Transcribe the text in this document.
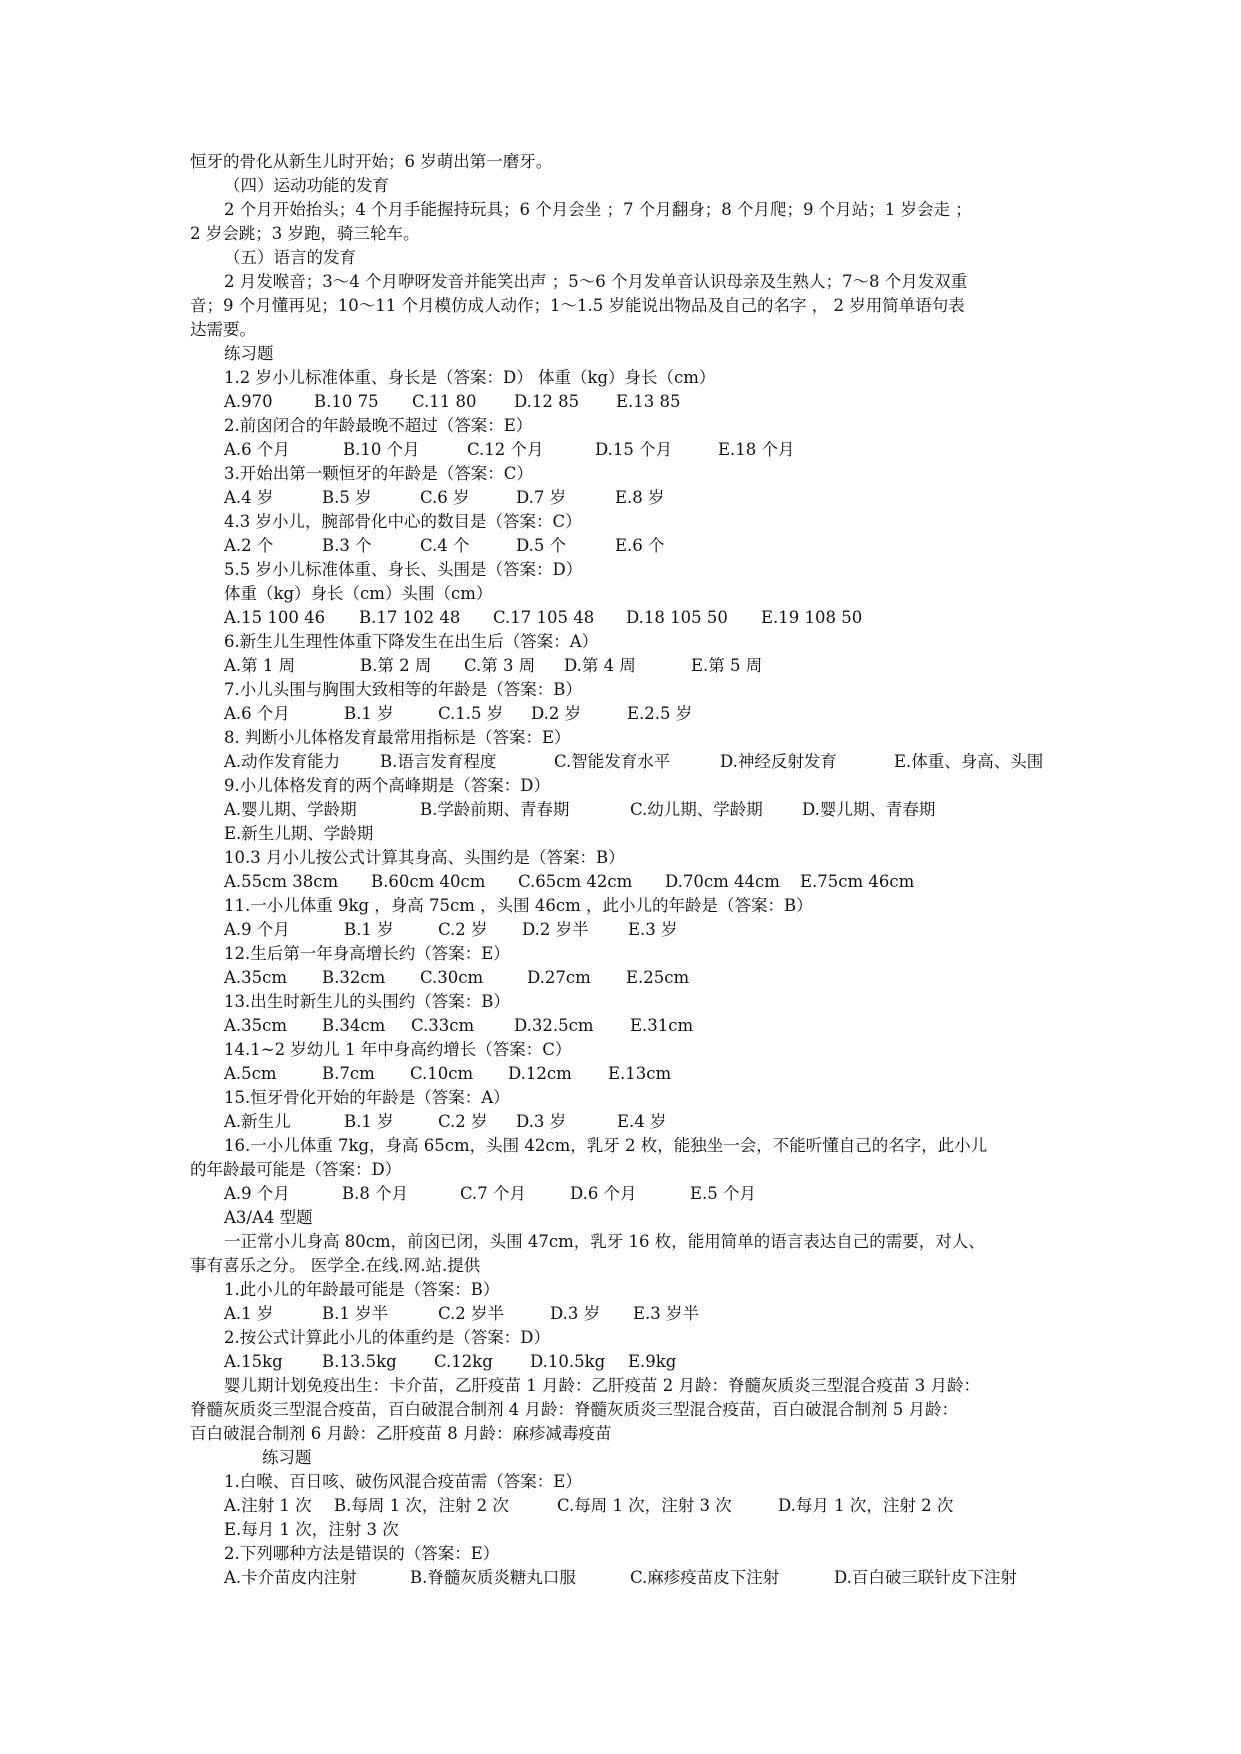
恒牙的骨化从新生儿时开始；6 岁萌出第一磨牙。
（四）运动功能的发育
2 个月开始抬头；4 个月手能握持玩具；6 个月会坐 ；7 个月翻身；8 个月爬；9 个月站；1 岁会走 ；
2 岁会跳；3 岁跑，骑三轮车。
（五）语言的发育
2 月发喉音；3～4 个月咿呀发音并能笑出声 ；5～6 个月发单音认识母亲及生熟人；7～8 个月发双重
音；9 个月懂再见；10～11 个月模仿成人动作；1～1.5 岁能说出物品及自己的名字 ， 2 岁用简单语句表
达需要。
练习题
1.2 岁小儿标准体重、身长是（答案：D） 体重（kg）身长（cm）
A.970	B.10 75 C.11 80 D.12 85 E.13 85
2.前囟闭合的年龄最晚不超过（答案：E）
A.6 个月	B.10 个月	C.12 个月	D.15 个月	E.18 个月
3.开始出第一颗恒牙的年龄是（答案：C）
A.4 岁	B.5 岁	C.6 岁	D.7 岁	E.8 岁
4.3 岁小儿，腕部骨化中心的数目是（答案：C）
A.2 个	B.3 个	C.4 个	D.5 个	E.6 个
5.5 岁小儿标准体重、身长、头围是（答案：D）
体重（kg）身长（cm）头围（cm）
A.15 100 46 B.17 102 48 C.17 105 48 D.18 105 50 E.19 108 50
6.新生儿生理性体重下降发生在出生后（答案：A）
A.第 1 周	B.第 2 周 C.第 3 周 D.第 4 周	E.第 5 周
7.小儿头围与胸围大致相等的年龄是（答案：B）
A.6 个月	B.1 岁	C.1.5 岁 D.2 岁	E.2.5 岁
8. 判断小儿体格发育最常用指标是（答案：E）
A.动作发育能力 B.语言发育程度	C.智能发育水平	D.神经反射发育	E.体重、身高、头围
9.小儿体格发育的两个高峰期是（答案：D）
A.婴儿期、学龄期	B.学龄前期、青春期	C.幼儿期、学龄期 D.婴儿期、青春期
E.新生儿期、学龄期
10.3 月小儿按公式计算其身高、头围约是（答案：B）
A.55cm 38cm B.60cm 40cm C.65cm 42cm D.70cm 44cm E.75cm 46cm
11.一小儿体重 9kg ，身高 75cm ，头围 46cm ，此小儿的年龄是（答案：B）
A.9 个月	B.1 岁	C.2 岁 D.2 岁半 E.3 岁
12.生后第一年身高增长约（答案：E）
A.35cm B.32cm C.30cm	D.27cm E.25cm
13.出生时新生儿的头围约（答案：B）
A.35cm B.34cm C.33cm D.32.5cm E.31cm
14.1~2 岁幼儿 1 年中身高约增长（答案：C）
A.5cm	B.7cm C.10cm D.12cm E.13cm
15.恒牙骨化开始的年龄是（答案：A）
A.新生儿	B.1 岁	C.2 岁 D.3 岁	E.4 岁
16.一小儿体重 7kg，身高 65cm，头围 42cm，乳牙 2 枚，能独坐一会，不能听懂自己的名字，此小儿
的年龄最可能是（答案：D）
A.9 个月	B.8 个月	C.7 个月	D.6 个月	E.5 个月
A3/A4 型题
一正常小儿身高 80cm，前囟已闭，头围 47cm，乳牙 16 枚，能用简单的语言表达自己的需要，对人、
事有喜乐之分。 医学全.在线.网.站.提供
1.此小儿的年龄最可能是（答案：B）
A.1 岁	B.1 岁半	C.2 岁半	D.3 岁 E.3 岁半
2.按公式计算此小儿的体重约是（答案：D）
A.15kg B.13.5kg C.12kg D.10.5kg E.9kg
婴儿期计划免疫出生：卡介苗，乙肝疫苗 1 月龄：乙肝疫苗 2 月龄：脊髓灰质炎三型混合疫苗 3 月龄：
脊髓灰质炎三型混合疫苗，百白破混合制剂 4 月龄：脊髓灰质炎三型混合疫苗，百白破混合制剂 5 月龄：
百白破混合制剂 6 月龄：乙肝疫苗 8 月龄：麻疹减毒疫苗
练习题
1.白喉、百日咳、破伤风混合疫苗需（答案：E）
A.注射 1 次 B.每周 1 次，注射 2 次	C.每周 1 次，注射 3 次	D.每月 1 次，注射 2 次
E.每月 1 次，注射 3 次
2.下列哪种方法是错误的（答案：E）
A.卡介苗皮内注射	B.脊髓灰质炎糖丸口服	C.麻疹疫苗皮下注射	D.百白破三联针皮下注射
